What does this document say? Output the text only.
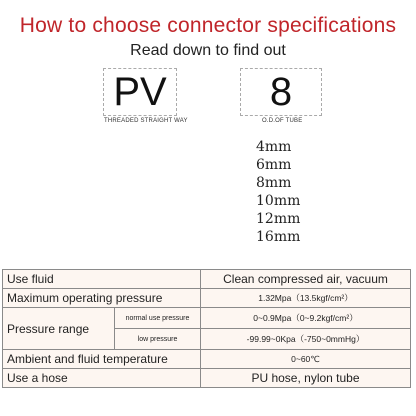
How to choose connector specifications
Read down to find out
PV
THREADED STRAIGHT WAY
8
O.D.OF TUBE
4mm
6mm
8mm
10mm
12mm
16mm
Use fluid		Clean compressed air, vacuum
Maximum operating pressure		1.32Mpa（13.5kgf/cm²）
Pressure range	normal use pressure	0~0.9Mpa（0~9.2kgf/cm²）
	low pressure	-99.99~0Kpa（-750~0mmHg）
Ambient and fluid temperature		0~60℃
Use a hose		PU hose, nylon tube
